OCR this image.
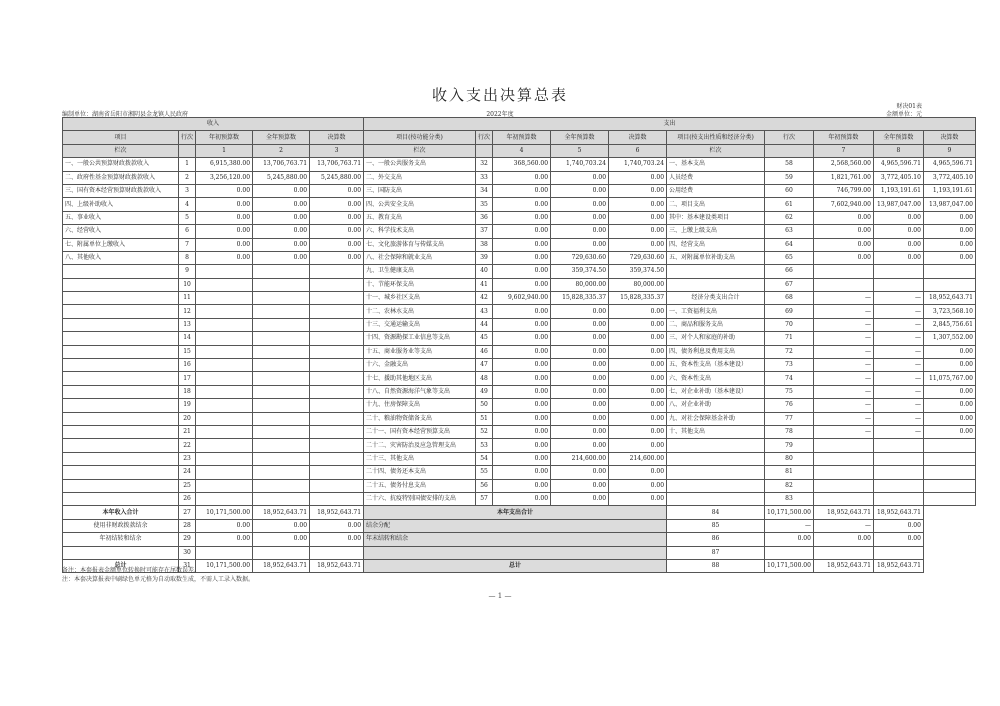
收入支出决算总表
编制单位：湖南省岳阳市湘阴县金龙镇人民政府	2022年度
财决01表
金额单位：元
收入					支出									
项目	行次	年初预算数	全年预算数	决算数	项目(按功能分类)	行次	年初预算数	全年预算数	决算数	项目(按支出性质和经济分类)	行次	年初预算数	全年预算数	决算数
栏次		1	2	3	栏次		4	5	6	栏次		7	8	9
一、一般公共预算财政拨款收入	1	6,915,380.00	13,706,763.71	13,706,763.71	一、一般公共服务支出	32	368,560.00	1,740,703.24	1,740,703.24	一、基本支出	58	2,568,560.00	4,965,596.71	4,965,596.71
二、政府性基金预算财政拨款收入	2	3,256,120.00	5,245,880.00	5,245,880.00	二、外交支出	33	0.00	0.00	0.00	人员经费	59	1,821,761.00	3,772,405.10	3,772,405.10
三、国有资本经营预算财政拨款收入	3	0.00	0.00	0.00	三、国防支出	34	0.00	0.00	0.00	公用经费	60	746,799.00	1,193,191.61	1,193,191.61
四、上级补助收入	4	0.00	0.00	0.00	四、公共安全支出	35	0.00	0.00	0.00	二、项目支出	61	7,602,940.00	13,987,047.00	13,987,047.00
五、事业收入	5	0.00	0.00	0.00	五、教育支出	36	0.00	0.00	0.00	其中：基本建设类项目	62	0.00	0.00	0.00
六、经营收入	6	0.00	0.00	0.00	六、科学技术支出	37	0.00	0.00	0.00	三、上缴上级支出	63	0.00	0.00	0.00
七、附属单位上缴收入	7	0.00	0.00	0.00	七、文化旅游体育与传媒支出	38	0.00	0.00	0.00	四、经营支出	64	0.00	0.00	0.00
八、其他收入	8	0.00	0.00	0.00	八、社会保障和就业支出	39	0.00	729,630.60	729,630.60	五、对附属单位补助支出	65	0.00	0.00	0.00
	9				九、卫生健康支出	40	0.00	359,374.50	359,374.50		66			
	10				十、节能环保支出	41	0.00	80,000.00	80,000.00		67			
	11				十一、城乡社区支出	42	9,602,940.00	15,828,335.37	15,828,335.37	经济分类支出合计	68	—	—	18,952,643.71
	12				十二、农林水支出	43	0.00	0.00	0.00	一、工资福利支出	69	—	—	3,723,568.10
	13				十三、交通运输支出	44	0.00	0.00	0.00	二、商品和服务支出	70	—	—	2,845,756.61
	14				十四、资源勘探工业信息等支出	45	0.00	0.00	0.00	三、对个人和家庭的补助	71	—	—	1,307,552.00
	15				十五、商业服务业等支出	46	0.00	0.00	0.00	四、债务利息及费用支出	72	—	—	0.00
	16				十六、金融支出	47	0.00	0.00	0.00	五、资本性支出（基本建设）	73	—	—	0.00
	17				十七、援助其他地区支出	48	0.00	0.00	0.00	六、资本性支出	74	—	—	11,075,767.00
	18				十八、自然资源海洋气象等支出	49	0.00	0.00	0.00	七、对企业补助（基本建设）	75	—	—	0.00
	19				十九、住房保障支出	50	0.00	0.00	0.00	八、对企业补助	76	—	—	0.00
	20				二十、粮油物资储备支出	51	0.00	0.00	0.00	九、对社会保障基金补助	77	—	—	0.00
	21				二十一、国有资本经营预算支出	52	0.00	0.00	0.00	十、其他支出	78	—	—	0.00
	22				二十二、灾害防治及应急管理支出	53	0.00	0.00	0.00		79			
	23				二十三、其他支出	54	0.00	214,600.00	214,600.00		80			
	24				二十四、债务还本支出	55	0.00	0.00	0.00		81			
	25				二十五、债务付息支出	56	0.00	0.00	0.00		82			
	26				二十六、抗疫特别国债安排的支出	57	0.00	0.00	0.00		83			
本年收入合计	27	10,171,500.00	18,952,643.71	18,952,643.71	本年支出合计					84	10,171,500.00	18,952,643.71	18,952,643.71	
使用非财政拨款结余	28	0.00	0.00	0.00	结余分配					85	—	—	0.00	
年初结转和结余	29	0.00	0.00	0.00	年末结转和结余					86	0.00	0.00	0.00	
	30									87				
总计	31	10,171,500.00	18,952,643.71	18,952,643.71	总计					88	10,171,500.00	18,952,643.71	18,952,643.71	
备注：本套报表金额单位转换时可能存在尾数误差。
注：本套决算报表中刷绿色单元格为自动取数生成，不需人工录入数据。
— 1 —
